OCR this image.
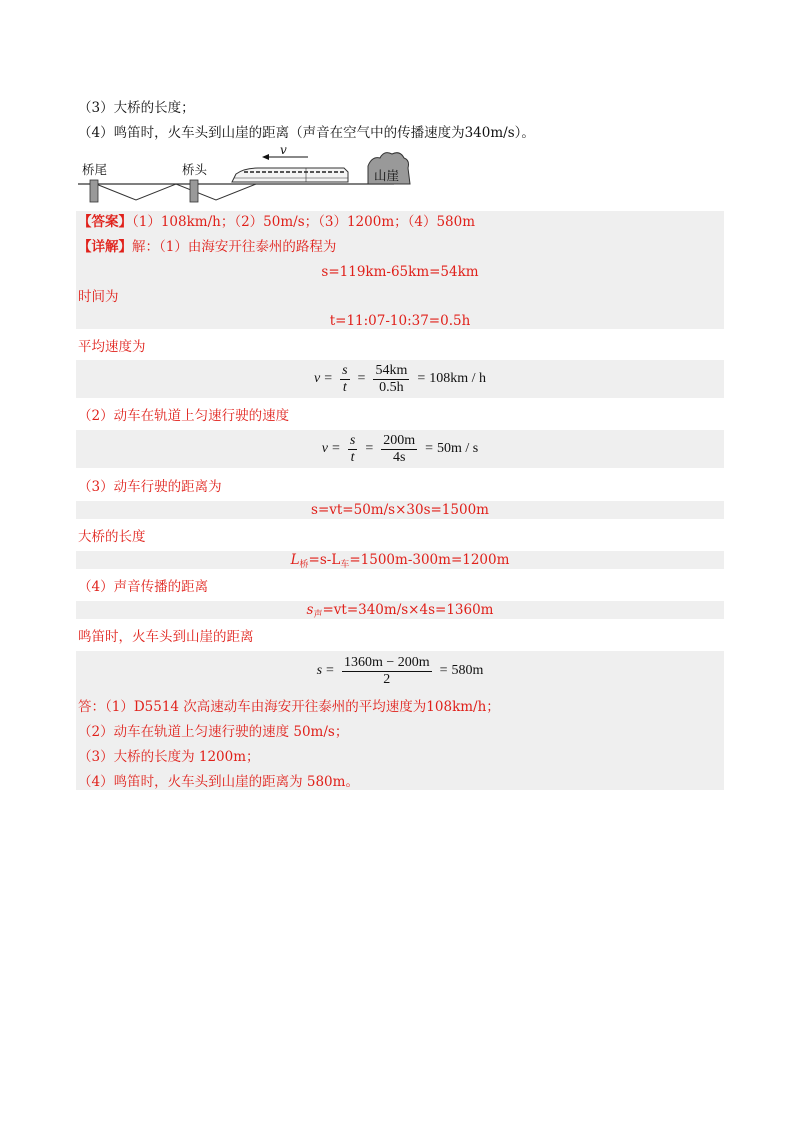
（3）大桥的长度；
（4）鸣笛时，火车头到山崖的距离（声音在空气中的传播速度为340m/s）。
桥尾	桥头
v
山崖
【答案】（1）108km/h；（2）50m/s；（3）1200m；（4）580m
【详解】解：（1）由海安开往泰州的路程为
s=119km-65km=54km
时间为
t=11:07-10:37=0.5h
平均速度为
$v = \frac{s}{t} = \frac{54km}{0.5h} = 108km / h$
（2）动车在轨道上匀速行驶的速度
$v = \frac{s}{t} = \frac{200m}{4s} = 50m / s$
（3）动车行驶的距离为
s=vt=50m/s×30s=1500m
大桥的长度
$L_桥=s-L_车=1500m-300m=1200m$
（4）声音传播的距离
$s_声=vt=340m/s\times 4s=1360m$
鸣笛时，火车头到山崖的距离
$s = \frac{1360m - 200m}{2} = 580m$
答：（1）D5514 次高速动车由海安开往泰州的平均速度为108km/h；
（2）动车在轨道上匀速行驶的速度 50m/s；
（3）大桥的长度为 1200m；
（4）鸣笛时，火车头到山崖的距离为 580m。
